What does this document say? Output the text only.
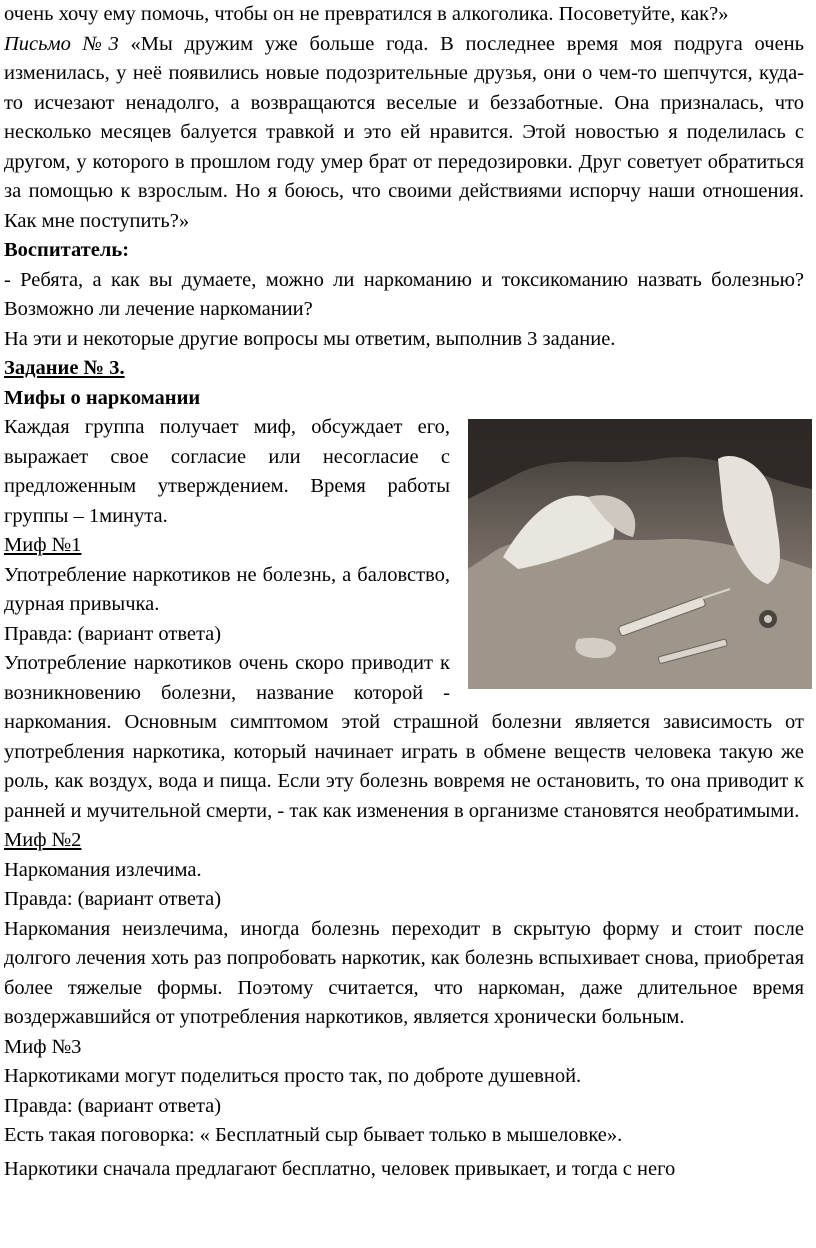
очень хочу ему помочь, чтобы он не превратился в алкоголика. Посоветуйте, как?»

Письмо №3 «Мы дружим уже больше года. В последнее время моя подруга очень изменилась, у неё появились новые подозрительные друзья, они о чем-то шепчутся, куда-то исчезают ненадолго, а возвращаются веселые и беззаботные. Она призналась, что несколько месяцев балуется травкой и это ей нравится. Этой новостью я поделилась с другом, у которого в прошлом году умер брат от передозировки. Друг советует обратиться за помощью к взрослым. Но я боюсь, что своими действиями испорчу наши отношения. Как мне поступить?»

Воспитатель:

- Ребята, а как вы думаете, можно ли наркоманию и токсикоманию назвать болезнью? Возможно ли лечение наркомании?

На эти и некоторые другие вопросы мы ответим, выполнив 3 задание.

Задание № 3.

Мифы о наркомании

Каждая группа получает миф, обсуждает его, выражает свое согласие или несогласие с предложенным утверждением. Время работы группы – 1минута.

Миф №1

Употребление наркотиков не болезнь, а баловство, дурная привычка.

Правда: (вариант ответа)

Употребление наркотиков очень скоро приводит к возникновению болезни, название которой - наркомания. Основным симптомом этой страшной болезни является зависимость от употребления наркотика, который начинает играть в обмене веществ человека такую же роль, как воздух, вода и пища. Если эту болезнь вовремя не остановить, то она приводит к ранней и мучительной смерти, - так как изменения в организме становятся необратимыми.

Миф №2

Наркомания излечима.

Правда: (вариант ответа)

Наркомания неизлечима, иногда болезнь переходит в скрытую форму и стоит после долгого лечения хоть раз попробовать наркотик, как болезнь вспыхивает снова, приобретая более тяжелые формы. Поэтому считается, что наркоман, даже длительное время воздержавшийся от употребления наркотиков, является хронически больным.

Миф №3

Наркотиками могут поделиться просто так, по доброте душевной.

Правда: (вариант ответа)

Есть такая поговорка: « Бесплатный сыр бывает только в мышеловке».

Наркотики сначала предлагают бесплатно, человек привыкает, и тогда с него
